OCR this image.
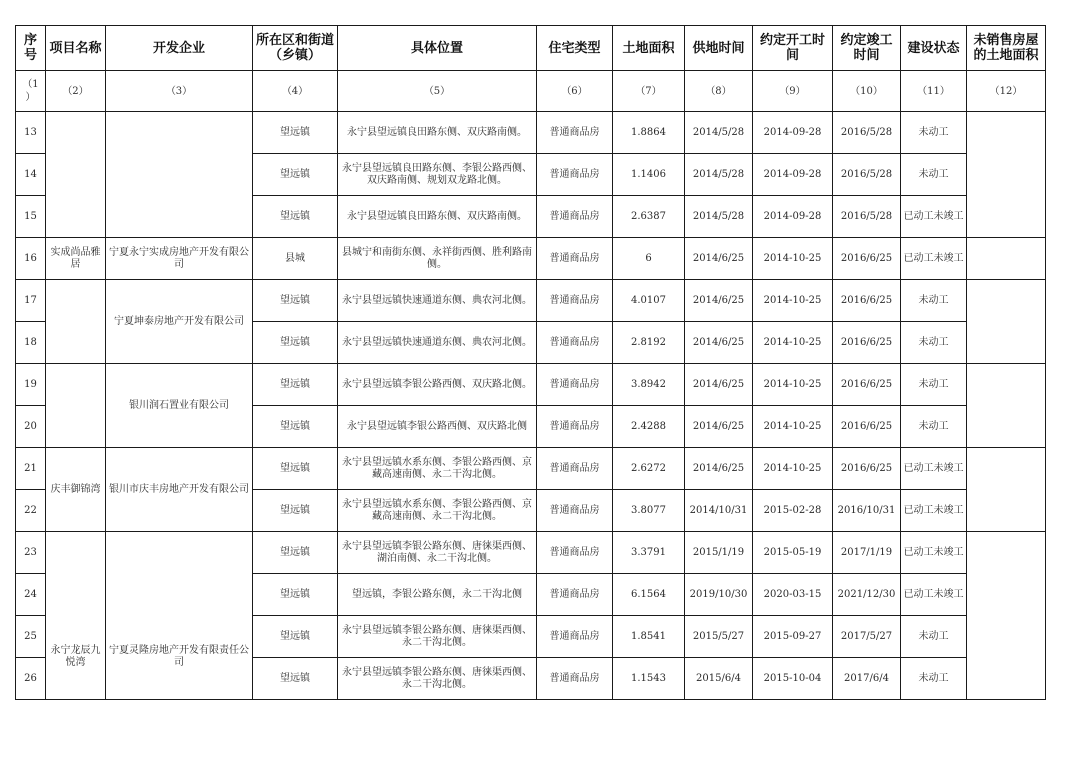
序号	项目名称	开发企业	所在区和街道（乡镇）	具体位置	住宅类型	土地面积	供地时间	约定开工时间	约定竣工时间	建设状态	未销售房屋的土地面积
（1）	（2）	（3）	（4）	（5）	（6）	（7）	（8）	（9）	（10）	（11）	（12）
13			望远镇	永宁县望远镇良田路东侧、双庆路南侧。	普通商品房	1.8864	2014/5/28	2014-09-28	2016/5/28	未动工	
14			望远镇	永宁县望远镇良田路东侧、李银公路西侧、双庆路南侧、规划双龙路北侧。	普通商品房	1.1406	2014/5/28	2014-09-28	2016/5/28	未动工	
15			望远镇	永宁县望远镇良田路东侧、双庆路南侧。	普通商品房	2.6387	2014/5/28	2014-09-28	2016/5/28	已动工未竣工	
16	实成尚品雅居	宁夏永宁实成房地产开发有限公司	县城	县城宁和南街东侧、永祥街西侧、胜利路南侧。	普通商品房	6	2014/6/25	2014-10-25	2016/6/25	已动工未竣工	
17		宁夏坤泰房地产开发有限公司	望远镇	永宁县望远镇快速通道东侧、典农河北侧。	普通商品房	4.0107	2014/6/25	2014-10-25	2016/6/25	未动工	
18			望远镇	永宁县望远镇快速通道东侧、典农河北侧。	普通商品房	2.8192	2014/6/25	2014-10-25	2016/6/25	未动工	
19		银川润石置业有限公司	望远镇	永宁县望远镇李银公路西侧、双庆路北侧。	普通商品房	3.8942	2014/6/25	2014-10-25	2016/6/25	未动工	
20			望远镇	永宁县望远镇李银公路西侧、双庆路北侧	普通商品房	2.4288	2014/6/25	2014-10-25	2016/6/25	未动工	
21	庆丰御锦湾	银川市庆丰房地产开发有限公司	望远镇	永宁县望远镇水系东侧、李银公路西侧、京藏高速南侧、永二干沟北侧。	普通商品房	2.6272	2014/6/25	2014-10-25	2016/6/25	已动工未竣工	
22			望远镇	永宁县望远镇水系东侧、李银公路西侧、京藏高速南侧、永二干沟北侧。	普通商品房	3.8077	2014/10/31	2015-02-28	2016/10/31	已动工未竣工	
23	永宁龙辰九悦湾	宁夏灵隆房地产开发有限责任公司	望远镇	永宁县望远镇李银公路东侧、唐徕渠西侧、湖泊南侧、永二干沟北侧。	普通商品房	3.3791	2015/1/19	2015-05-19	2017/1/19	已动工未竣工	
24			望远镇	望远镇，李银公路东侧，永二干沟北侧	普通商品房	6.1564	2019/10/30	2020-03-15	2021/12/30	已动工未竣工	
25			望远镇	永宁县望远镇李银公路东侧、唐徕渠西侧、永二干沟北侧。	普通商品房	1.8541	2015/5/27	2015-09-27	2017/5/27	未动工	
26			望远镇	永宁县望远镇李银公路东侧、唐徕渠西侧、永二干沟北侧。	普通商品房	1.1543	2015/6/4	2015-10-04	2017/6/4	未动工	
